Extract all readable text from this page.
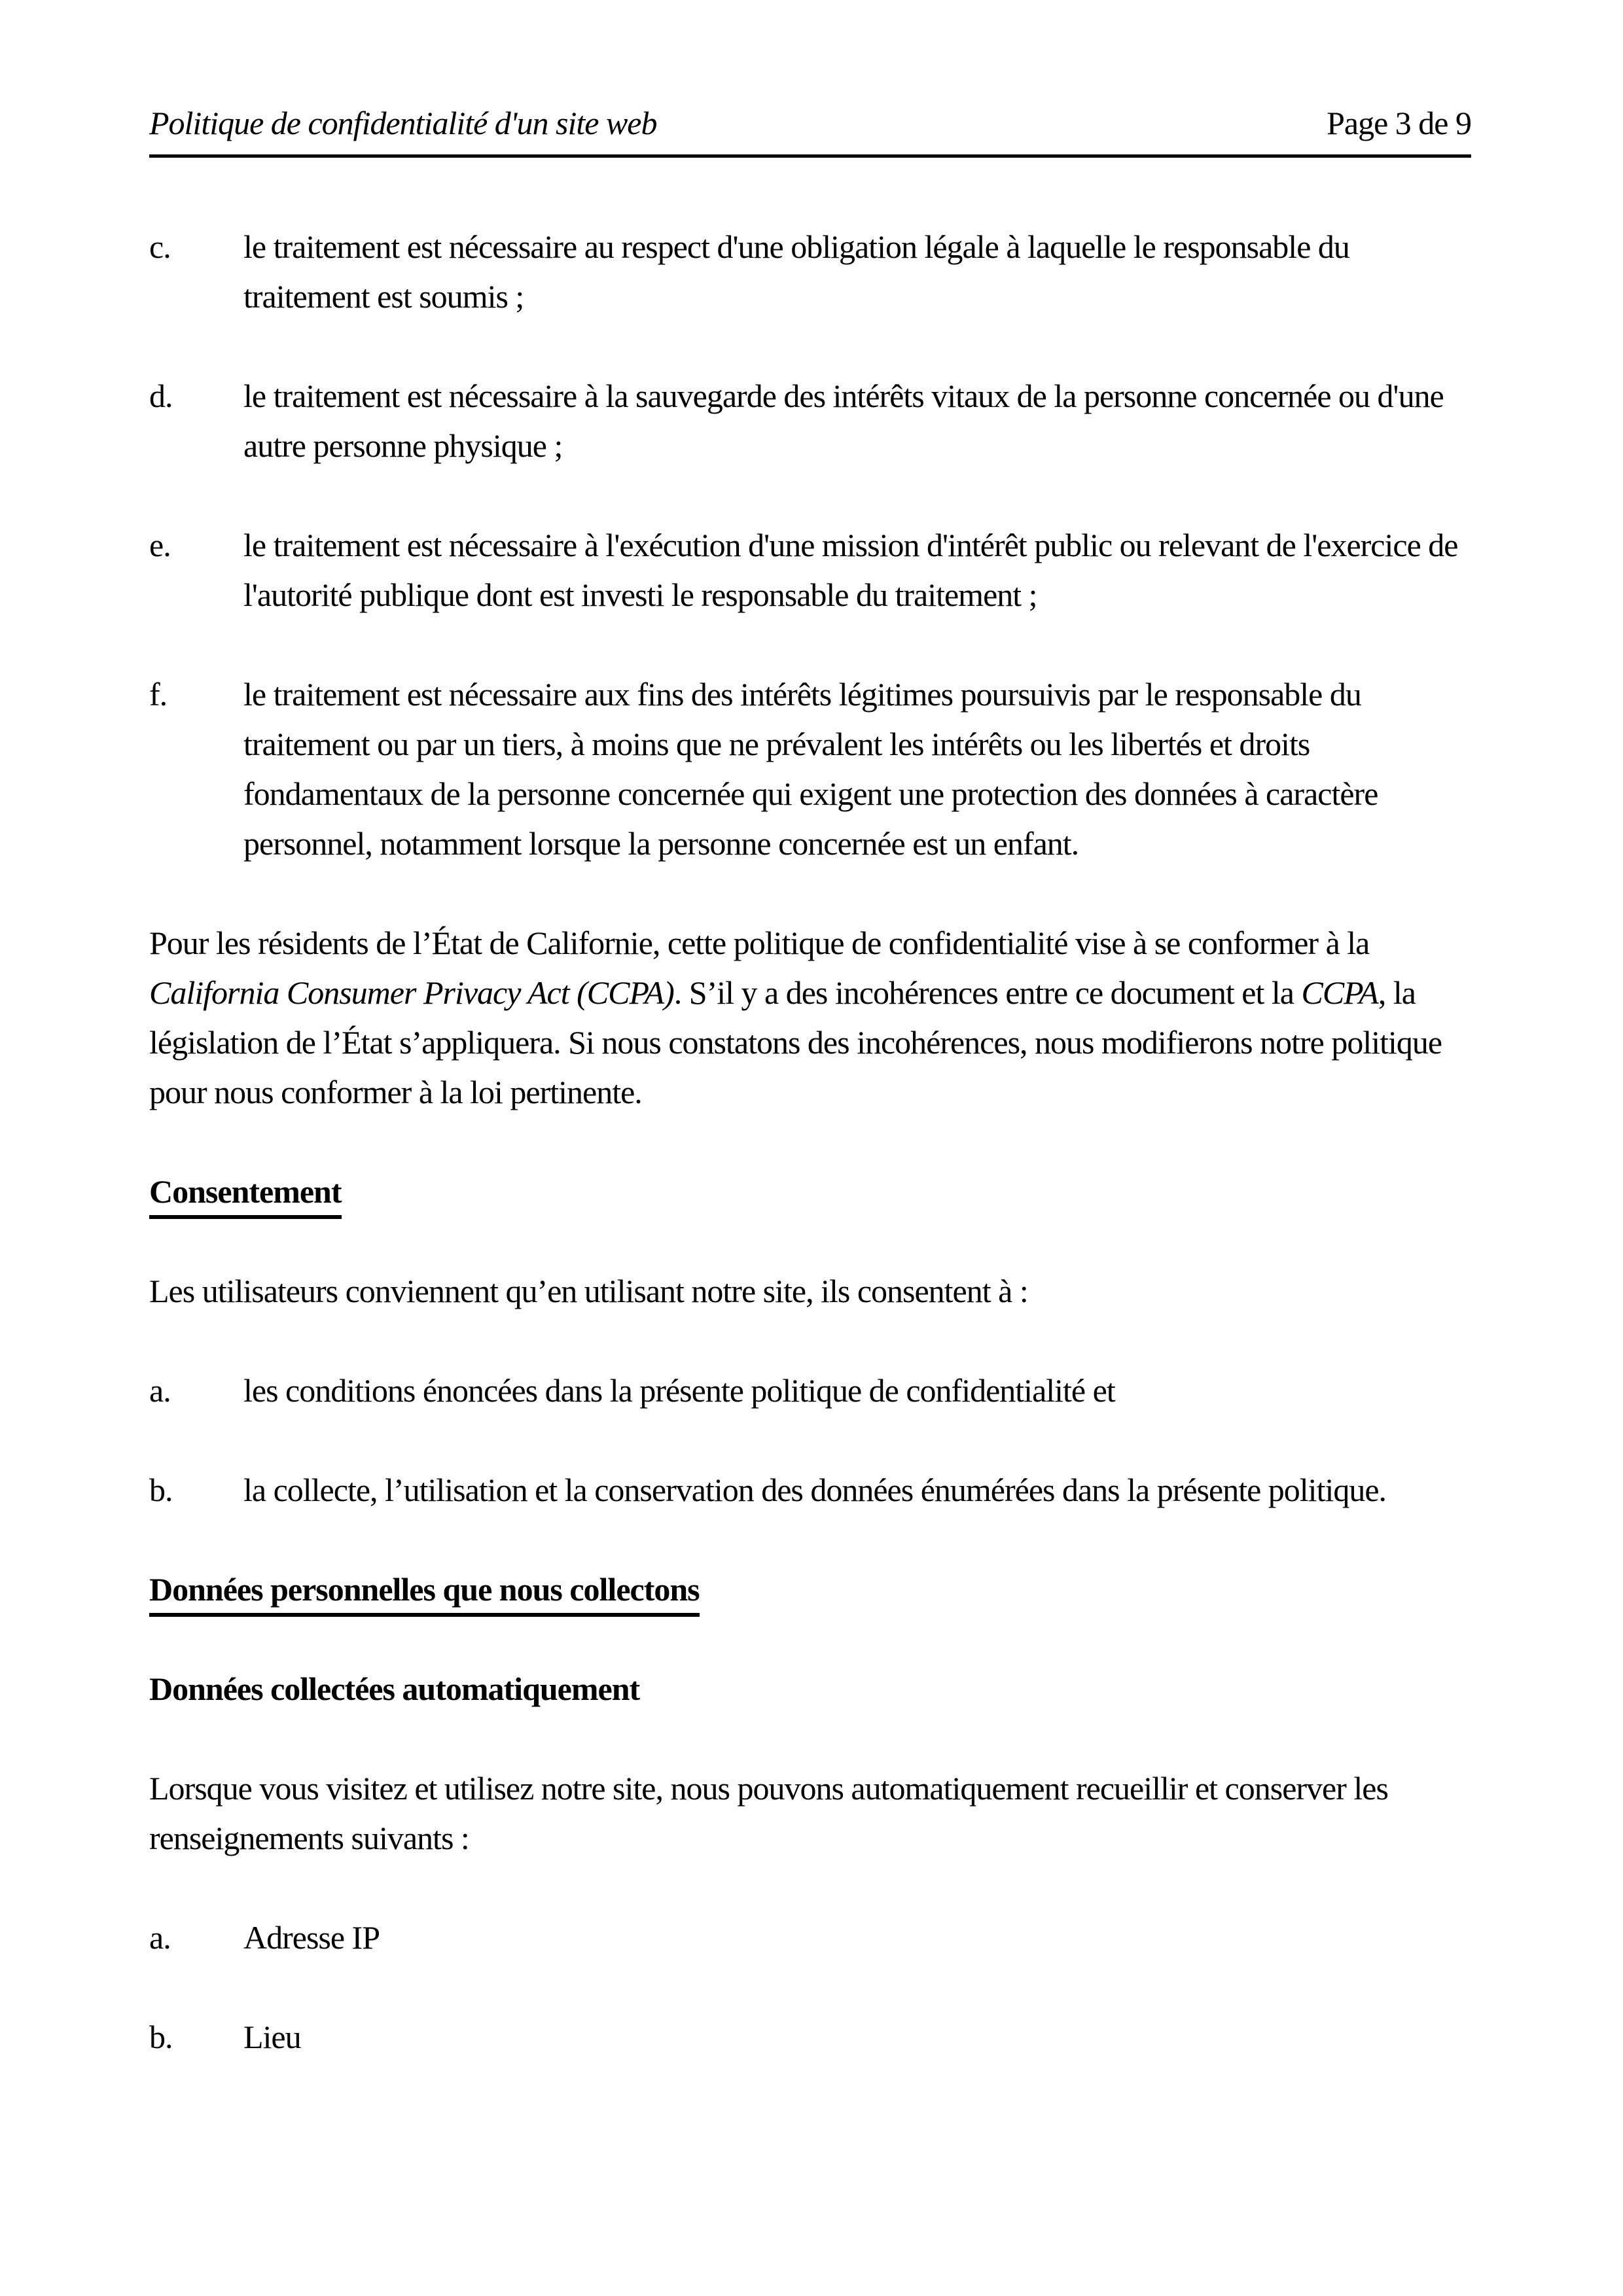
Politique de confidentialité d'un site web	Page 3 de 9
c.	le traitement est nécessaire au respect d'une obligation légale à laquelle le responsable du traitement est soumis ;
d.	le traitement est nécessaire à la sauvegarde des intérêts vitaux de la personne concernée ou d'une autre personne physique ;
e.	le traitement est nécessaire à l'exécution d'une mission d'intérêt public ou relevant de l'exercice de l'autorité publique dont est investi le responsable du traitement ;
f.	le traitement est nécessaire aux fins des intérêts légitimes poursuivis par le responsable du traitement ou par un tiers, à moins que ne prévalent les intérêts ou les libertés et droits fondamentaux de la personne concernée qui exigent une protection des données à caractère personnel, notamment lorsque la personne concernée est un enfant.
Pour les résidents de l’État de Californie, cette politique de confidentialité vise à se conformer à la California Consumer Privacy Act (CCPA). S’il y a des incohérences entre ce document et la CCPA, la législation de l’État s’appliquera. Si nous constatons des incohérences, nous modifierons notre politique pour nous conformer à la loi pertinente.
Consentement
Les utilisateurs conviennent qu’en utilisant notre site, ils consentent à :
a.	les conditions énoncées dans la présente politique de confidentialité et
b.	la collecte, l’utilisation et la conservation des données énumérées dans la présente politique.
Données personnelles que nous collectons
Données collectées automatiquement
Lorsque vous visitez et utilisez notre site, nous pouvons automatiquement recueillir et conserver les renseignements suivants :
a.	Adresse IP
b.	Lieu
